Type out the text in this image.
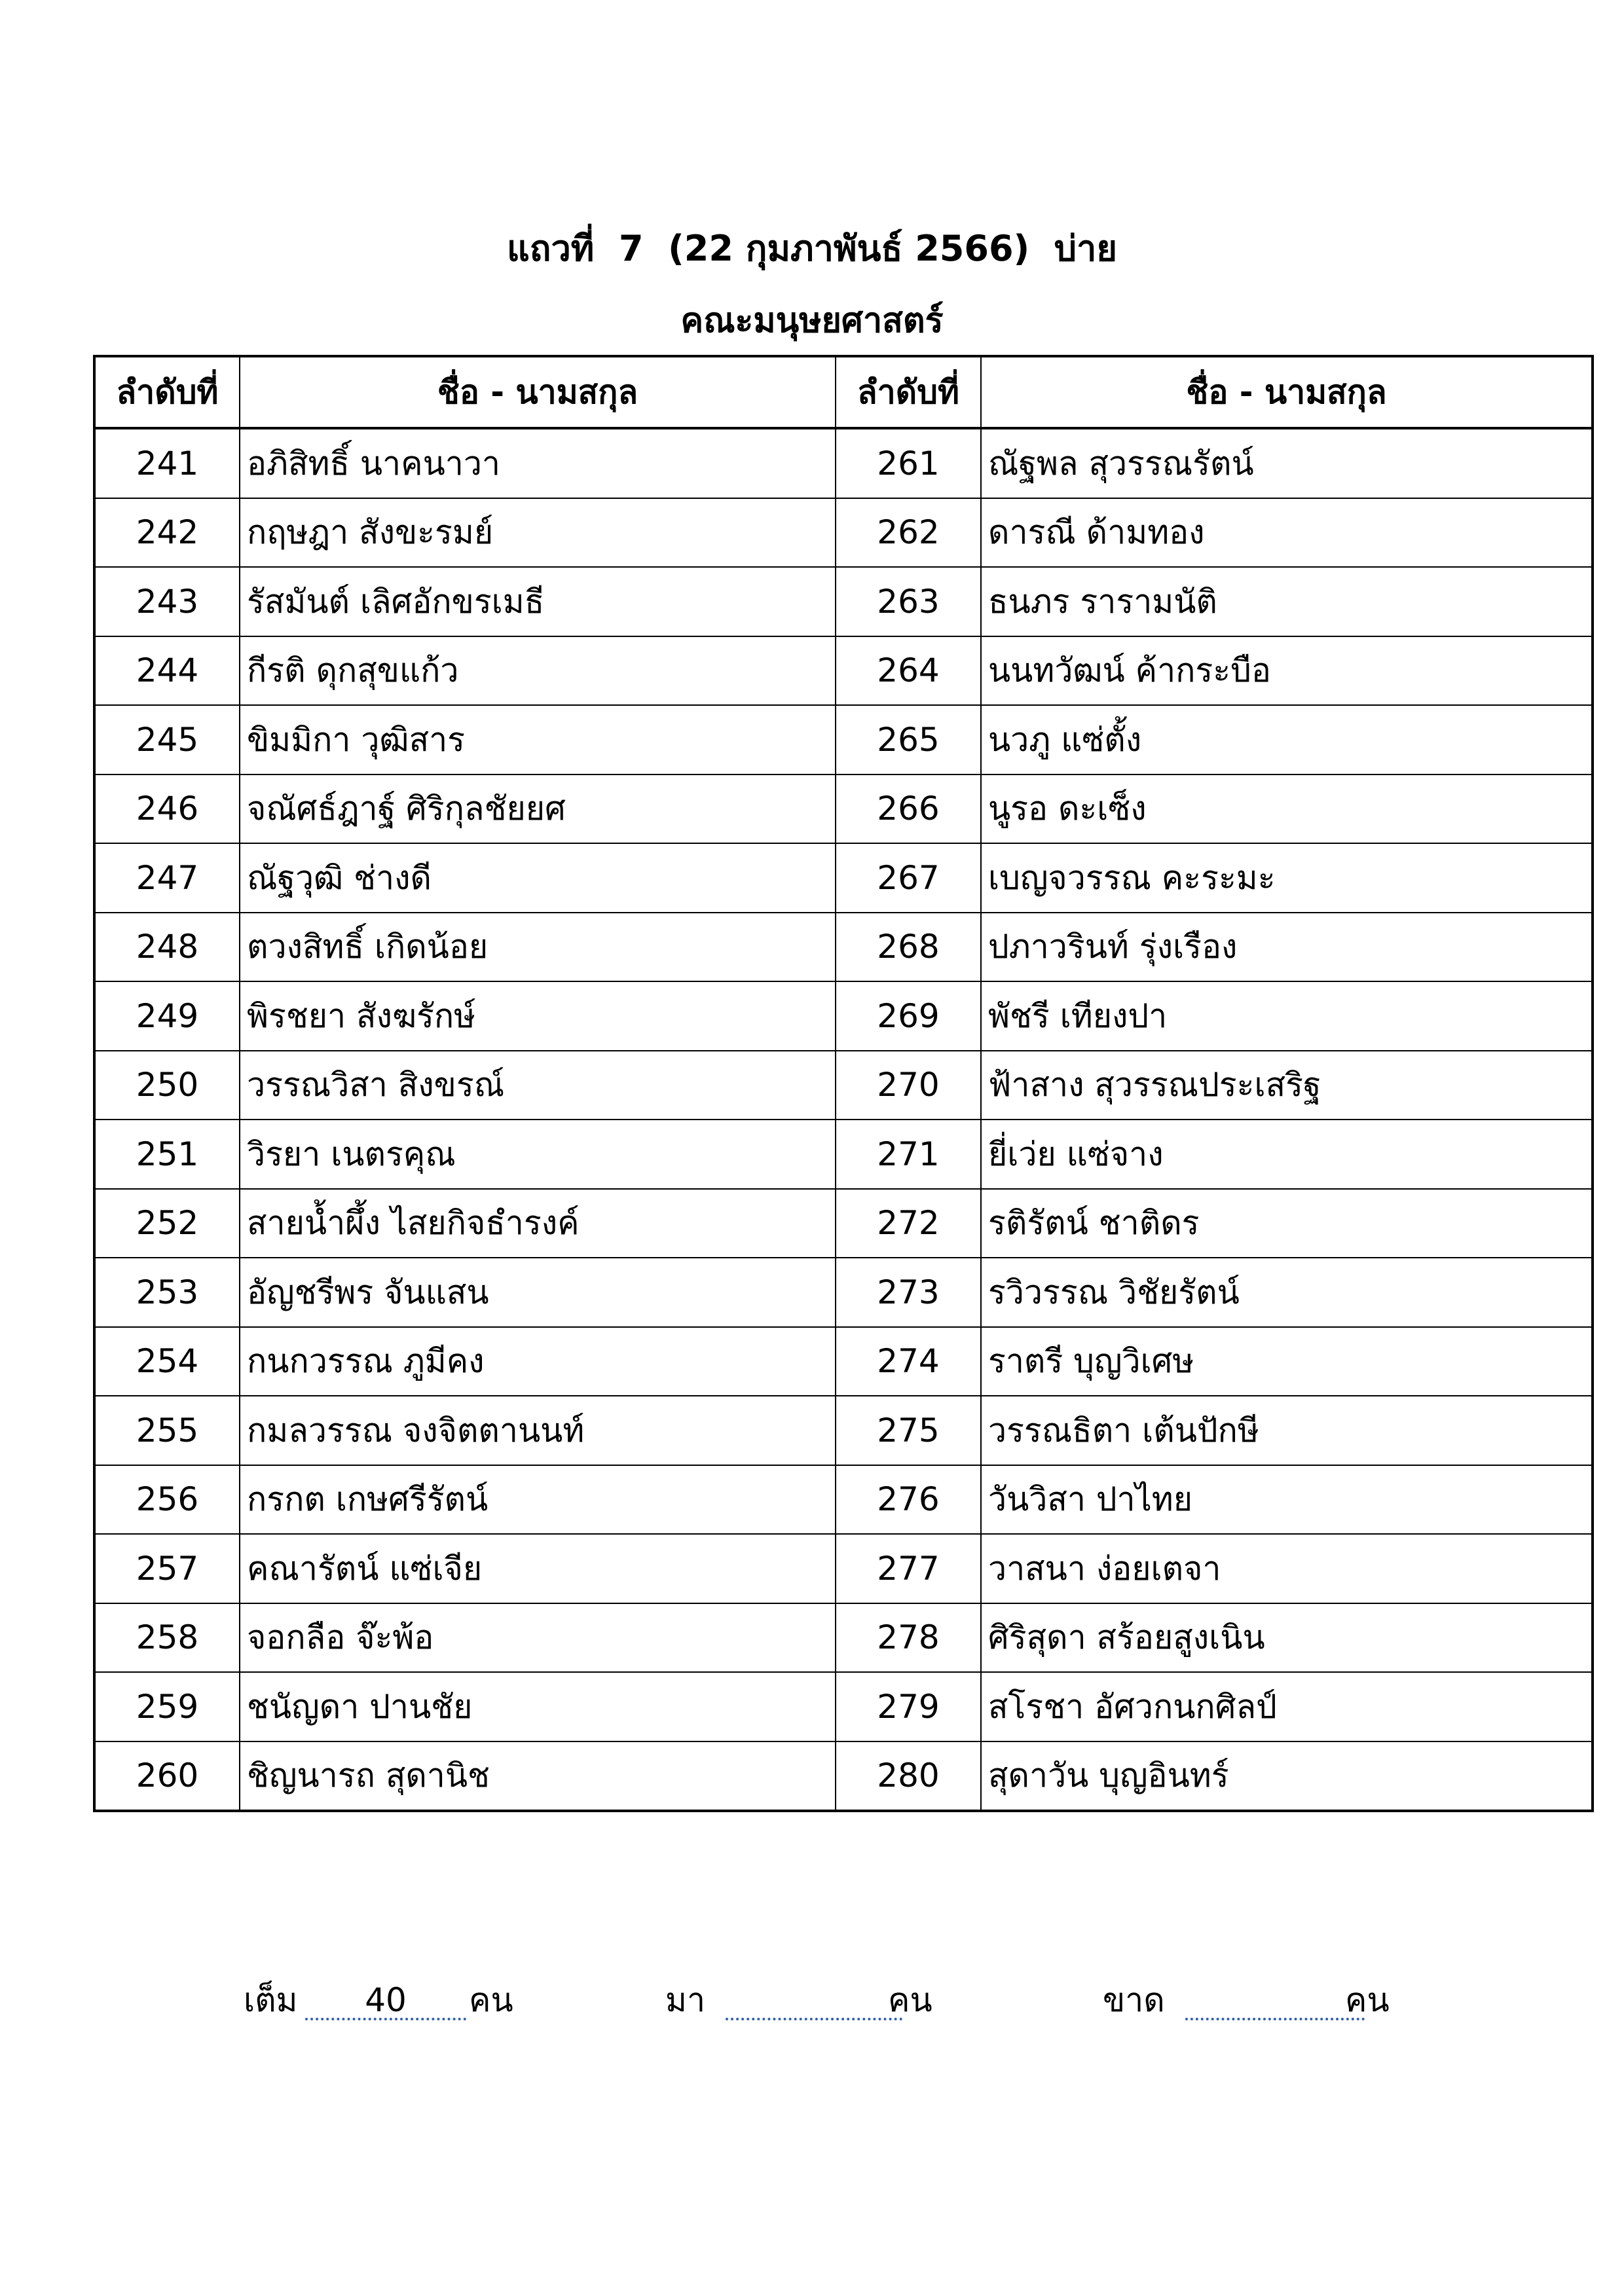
แถวที่  7  (22 กุมภาพันธ์ 2566)  บ่าย
คณะมนุษยศาสตร์
ลำดับที่	ชื่อ - นามสกุล	ลำดับที่	ชื่อ - นามสกุล
241	อภิสิทธิ์ นาคนาวา	261	ณัฐพล สุวรรณรัตน์
242	กฤษฎา สังขะรมย์	262	ดารณี ด้ามทอง
243	รัสมันต์ เลิศอักขรเมธี	263	ธนภร รารามนัติ
244	กีรติ ดุกสุขแก้ว	264	นนทวัฒน์ ค้ากระบือ
245	ขิมมิกา วุฒิสาร	265	นวภู แซ่ตั้ง
246	จณัศธ์ฎาฐ์ ศิริกุลชัยยศ	266	นูรอ ดะเซ็ง
247	ณัฐวุฒิ ช่างดี	267	เบญจวรรณ คะระมะ
248	ตวงสิทธิ์ เกิดน้อย	268	ปภาวรินท์ รุ่งเรือง
249	พิรชยา สังฆรักษ์	269	พัชรี เทียงปา
250	วรรณวิสา สิงขรณ์	270	ฟ้าสาง สุวรรณประเสริฐ
251	วิรยา เนตรคุณ	271	ยี่เว่ย แซ่จาง
252	สายน้ำผึ้ง ไสยกิจธำรงค์	272	รติรัตน์ ชาติดร
253	อัญชรีพร จันแสน	273	รวิวรรณ วิชัยรัตน์
254	กนกวรรณ ภูมีคง	274	ราตรี บุญวิเศษ
255	กมลวรรณ จงจิตตานนท์	275	วรรณธิตา เต้นปักษี
256	กรกต เกษศรีรัตน์	276	วันวิสา ปาไทย
257	คณารัตน์ แซ่เจีย	277	วาสนา ง่อยเตจา
258	จอกลือ จ๊ะพ้อ	278	ศิริสุดา สร้อยสูงเนิน
259	ชนัญดา ปานชัย	279	สโรชา อัศวกนกศิลป์
260	ชิญนารถ สุดานิช	280	สุดาวัน บุญอินทร์
เต็ม	40	คน	มา	คน	ขาด	คน
